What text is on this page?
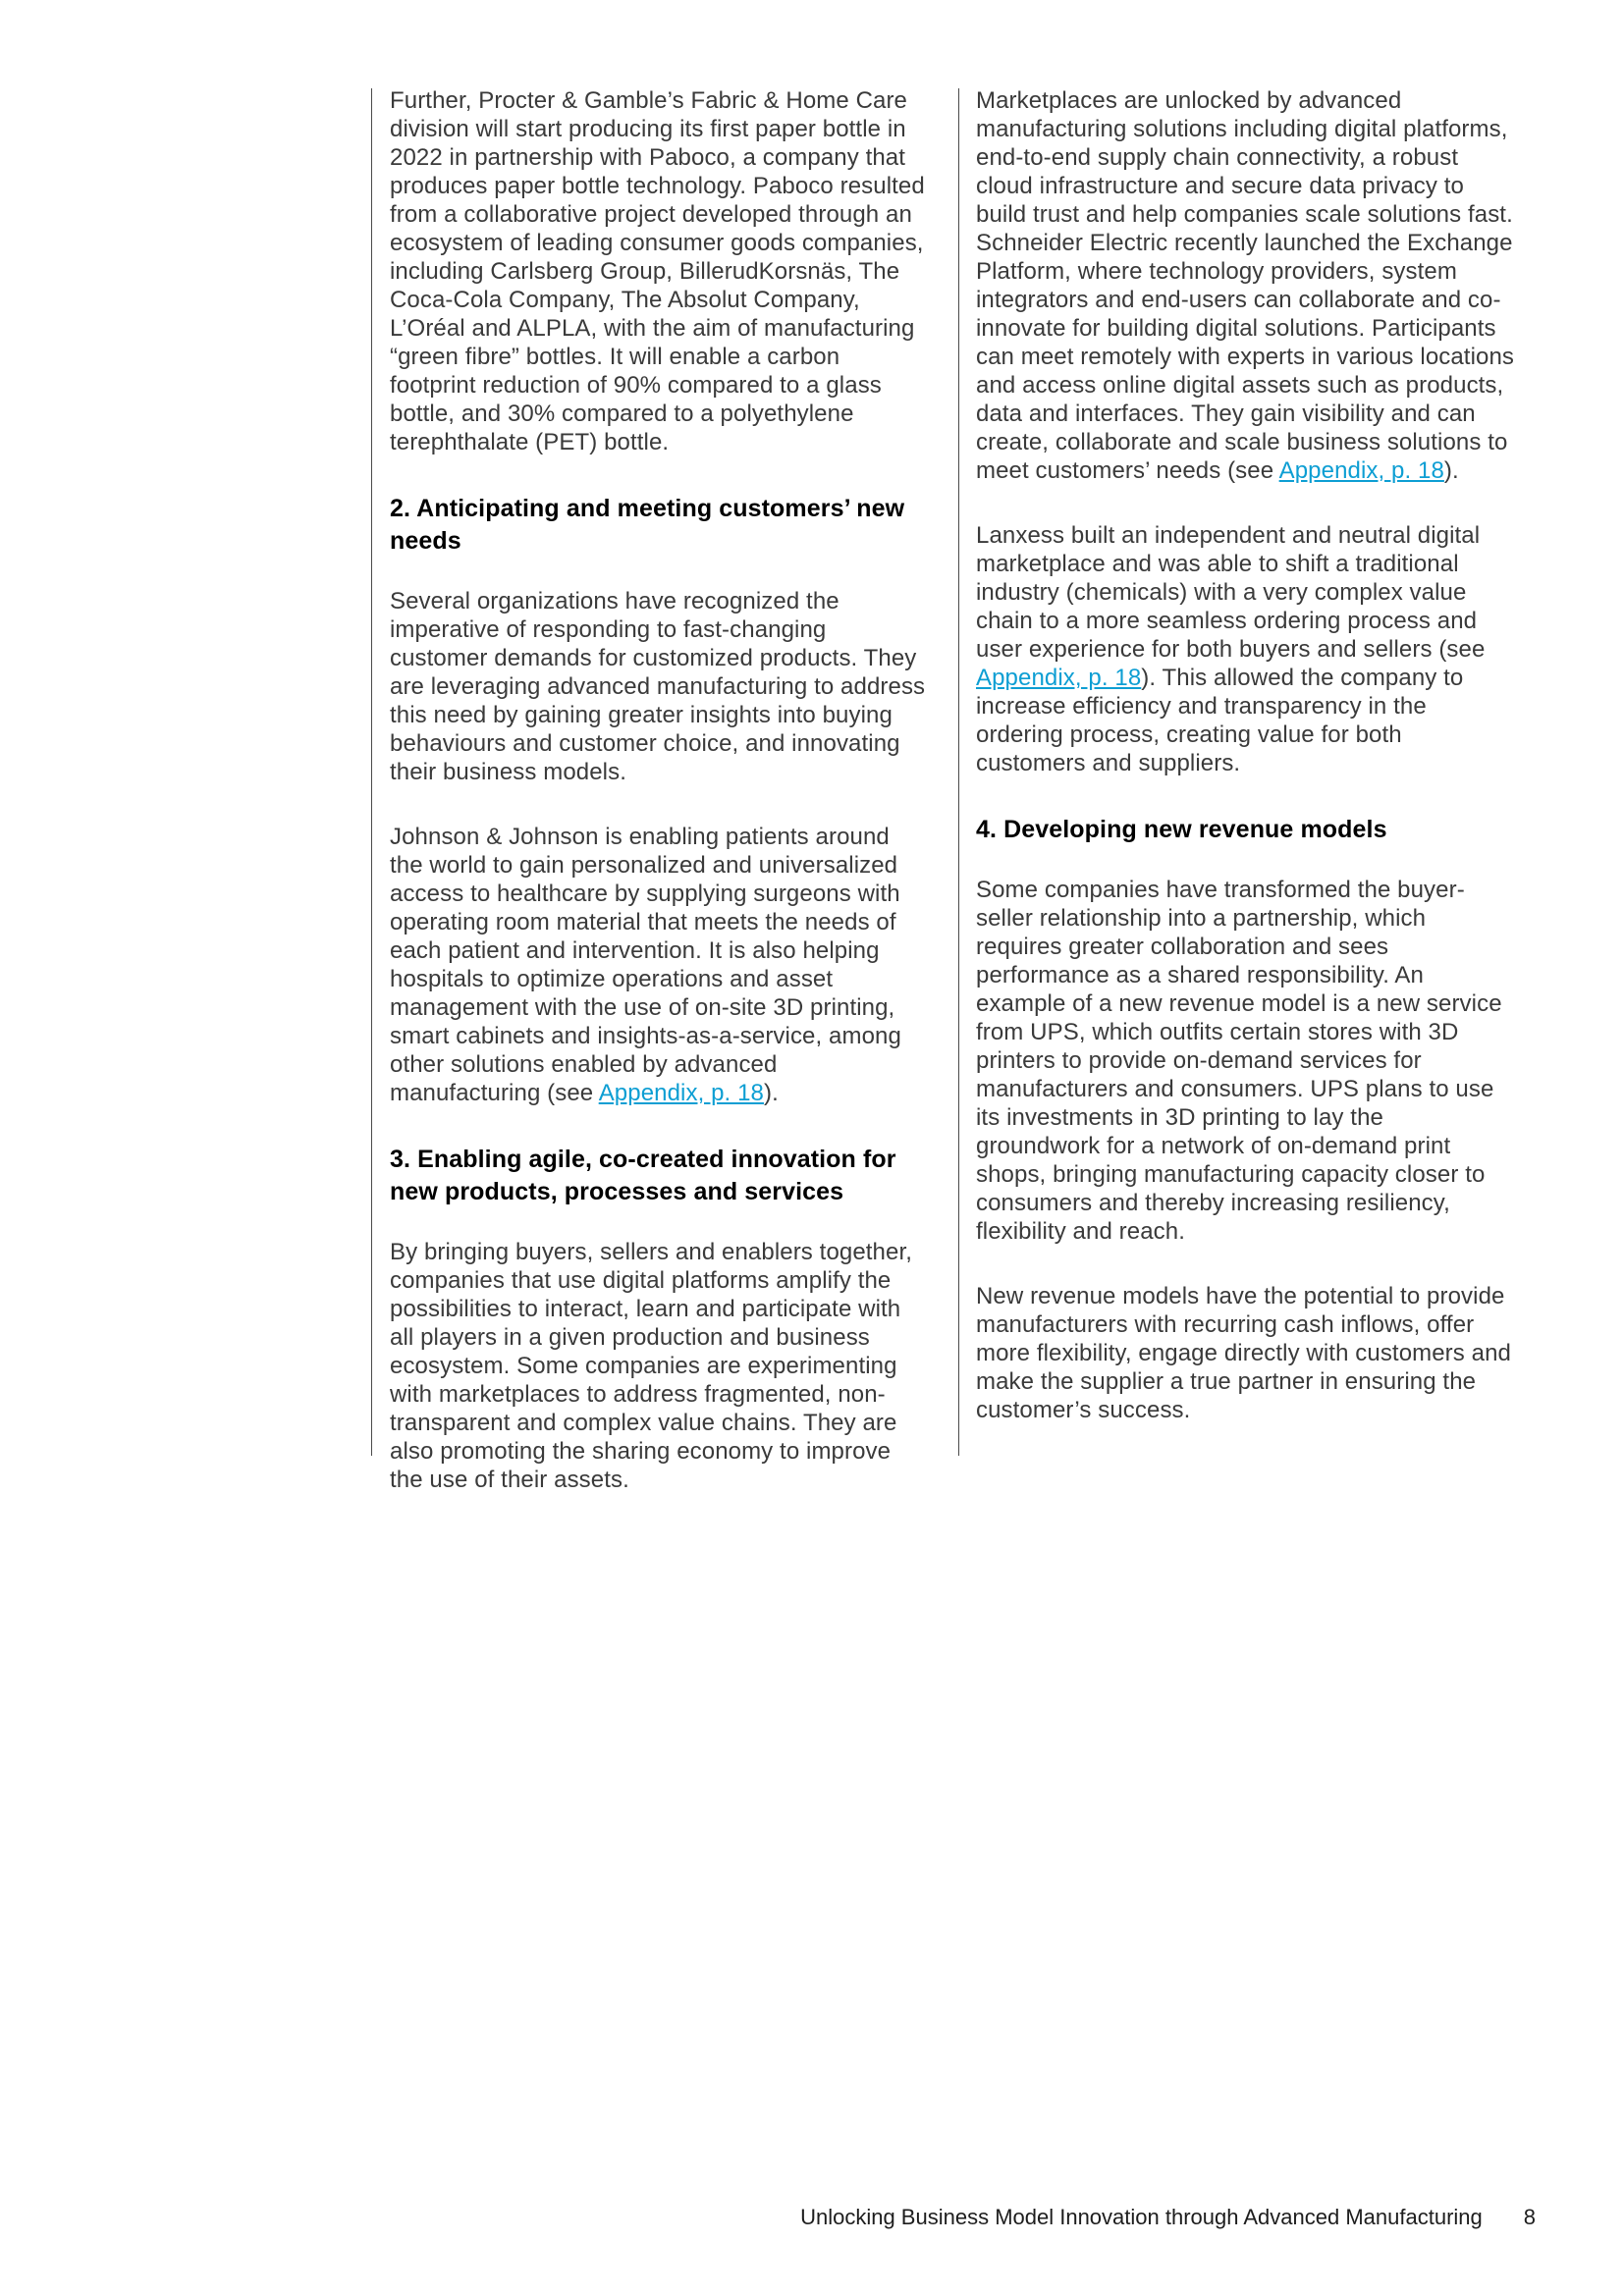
Further, Procter & Gamble’s Fabric & Home Care division will start producing its first paper bottle in 2022 in partnership with Paboco, a company that produces paper bottle technology. Paboco resulted from a collaborative project developed through an ecosystem of leading consumer goods companies, including Carlsberg Group, BillerudKorsnäs, The Coca-Cola Company, The Absolut Company, L’Oréal and ALPLA, with the aim of manufacturing “green fibre” bottles. It will enable a carbon footprint reduction of 90% compared to a glass bottle, and 30% compared to a polyethylene terephthalate (PET) bottle.

2. Anticipating and meeting customers’ new needs

Several organizations have recognized the imperative of responding to fast-changing customer demands for customized products. They are leveraging advanced manufacturing to address this need by gaining greater insights into buying behaviours and customer choice, and innovating their business models.

Johnson & Johnson is enabling patients around the world to gain personalized and universalized access to healthcare by supplying surgeons with operating room material that meets the needs of each patient and intervention. It is also helping hospitals to optimize operations and asset management with the use of on-site 3D printing, smart cabinets and insights-as-a-service, among other solutions enabled by advanced manufacturing (see Appendix, p. 18).

3. Enabling agile, co-created innovation for new products, processes and services

By bringing buyers, sellers and enablers together, companies that use digital platforms amplify the possibilities to interact, learn and participate with all players in a given production and business ecosystem. Some companies are experimenting with marketplaces to address fragmented, non-transparent and complex value chains. They are also promoting the sharing economy to improve the use of their assets.

Marketplaces are unlocked by advanced manufacturing solutions including digital platforms, end-to-end supply chain connectivity, a robust cloud infrastructure and secure data privacy to build trust and help companies scale solutions fast. Schneider Electric recently launched the Exchange Platform, where technology providers, system integrators and end-users can collaborate and co-innovate for building digital solutions. Participants can meet remotely with experts in various locations and access online digital assets such as products, data and interfaces. They gain visibility and can create, collaborate and scale business solutions to meet customers’ needs (see Appendix, p. 18).

Lanxess built an independent and neutral digital marketplace and was able to shift a traditional industry (chemicals) with a very complex value chain to a more seamless ordering process and user experience for both buyers and sellers (see Appendix, p. 18). This allowed the company to increase efficiency and transparency in the ordering process, creating value for both customers and suppliers.

4. Developing new revenue models

Some companies have transformed the buyer-seller relationship into a partnership, which requires greater collaboration and sees performance as a shared responsibility. An example of a new revenue model is a new service from UPS, which outfits certain stores with 3D printers to provide on-demand services for manufacturers and consumers. UPS plans to use its investments in 3D printing to lay the groundwork for a network of on-demand print shops, bringing manufacturing capacity closer to consumers and thereby increasing resiliency, flexibility and reach.

New revenue models have the potential to provide manufacturers with recurring cash inflows, offer more flexibility, engage directly with customers and make the supplier a true partner in ensuring the customer’s success.

Unlocking Business Model Innovation through Advanced Manufacturing 8
